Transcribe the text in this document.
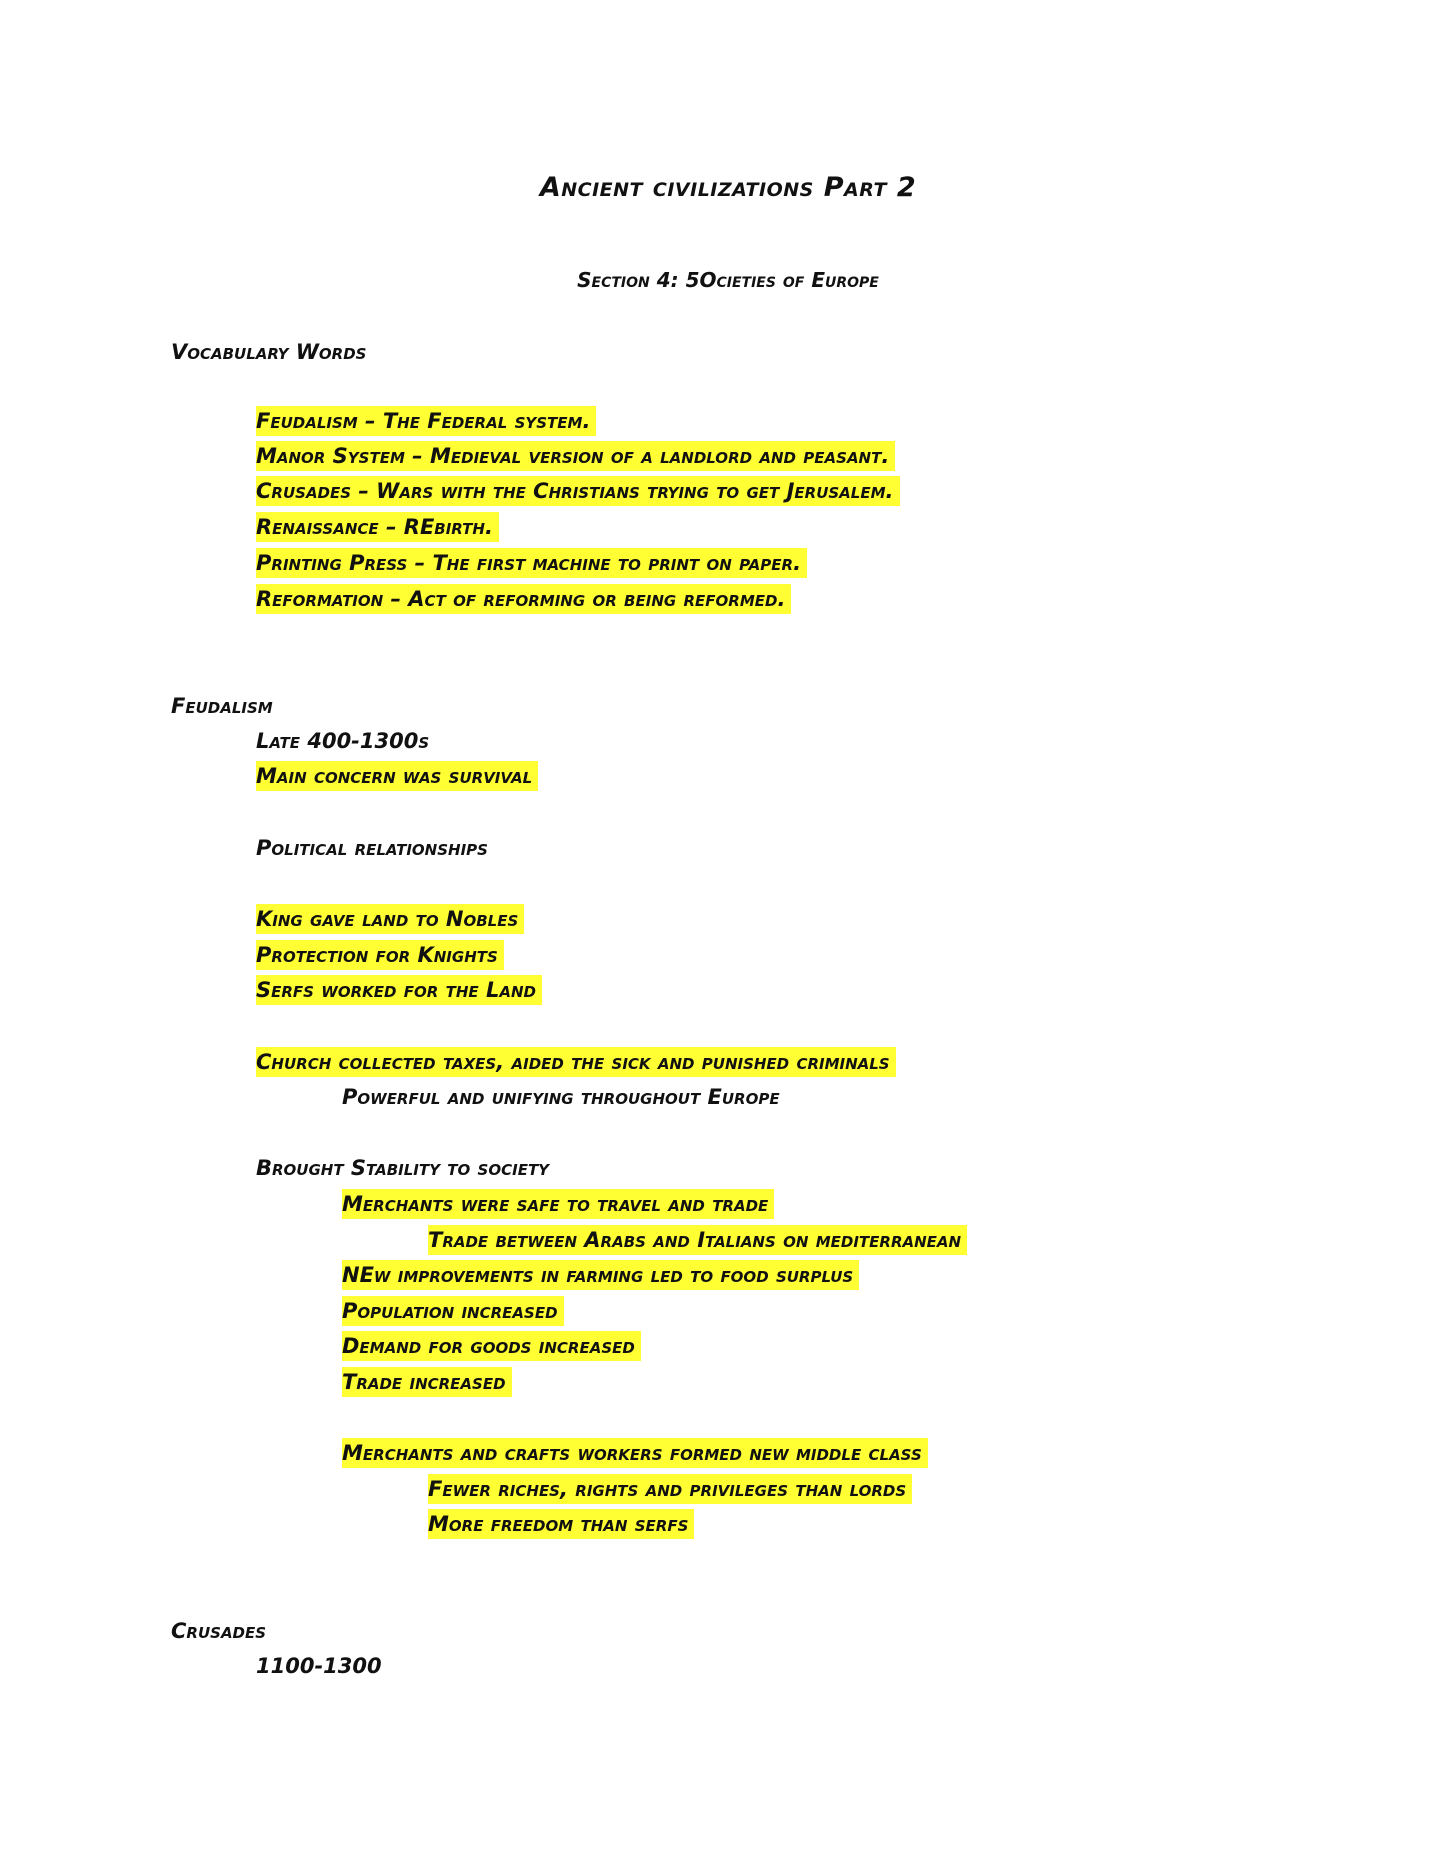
Ancient civilizations Part 2
Section 4: 5Ocieties of Europe
Vocabulary Words
Feudalism – The Federal system.
Manor System – Medieval version of a landlord and peasant.
Crusades – Wars with the Christians trying to get Jerusalem.
Renaissance – REbirth.
Printing Press – The first machine to print on paper.
Reformation – Act of reforming or being reformed.
Feudalism
Late 400-1300s
Main concern was survival
Political relationships
King gave land to Nobles
Protection for Knights
Serfs worked for the Land
Church collected taxes, aided the sick and punished criminals
Powerful and unifying throughout Europe
Brought Stability to society
Merchants were safe to travel and trade
Trade between Arabs and Italians on mediterranean
NEw improvements in farming led to food surplus
Population increased
Demand for goods increased
Trade increased
Merchants and crafts workers formed new middle class
Fewer riches, rights and privileges than lords
More freedom than serfs
Crusades
1100-1300
